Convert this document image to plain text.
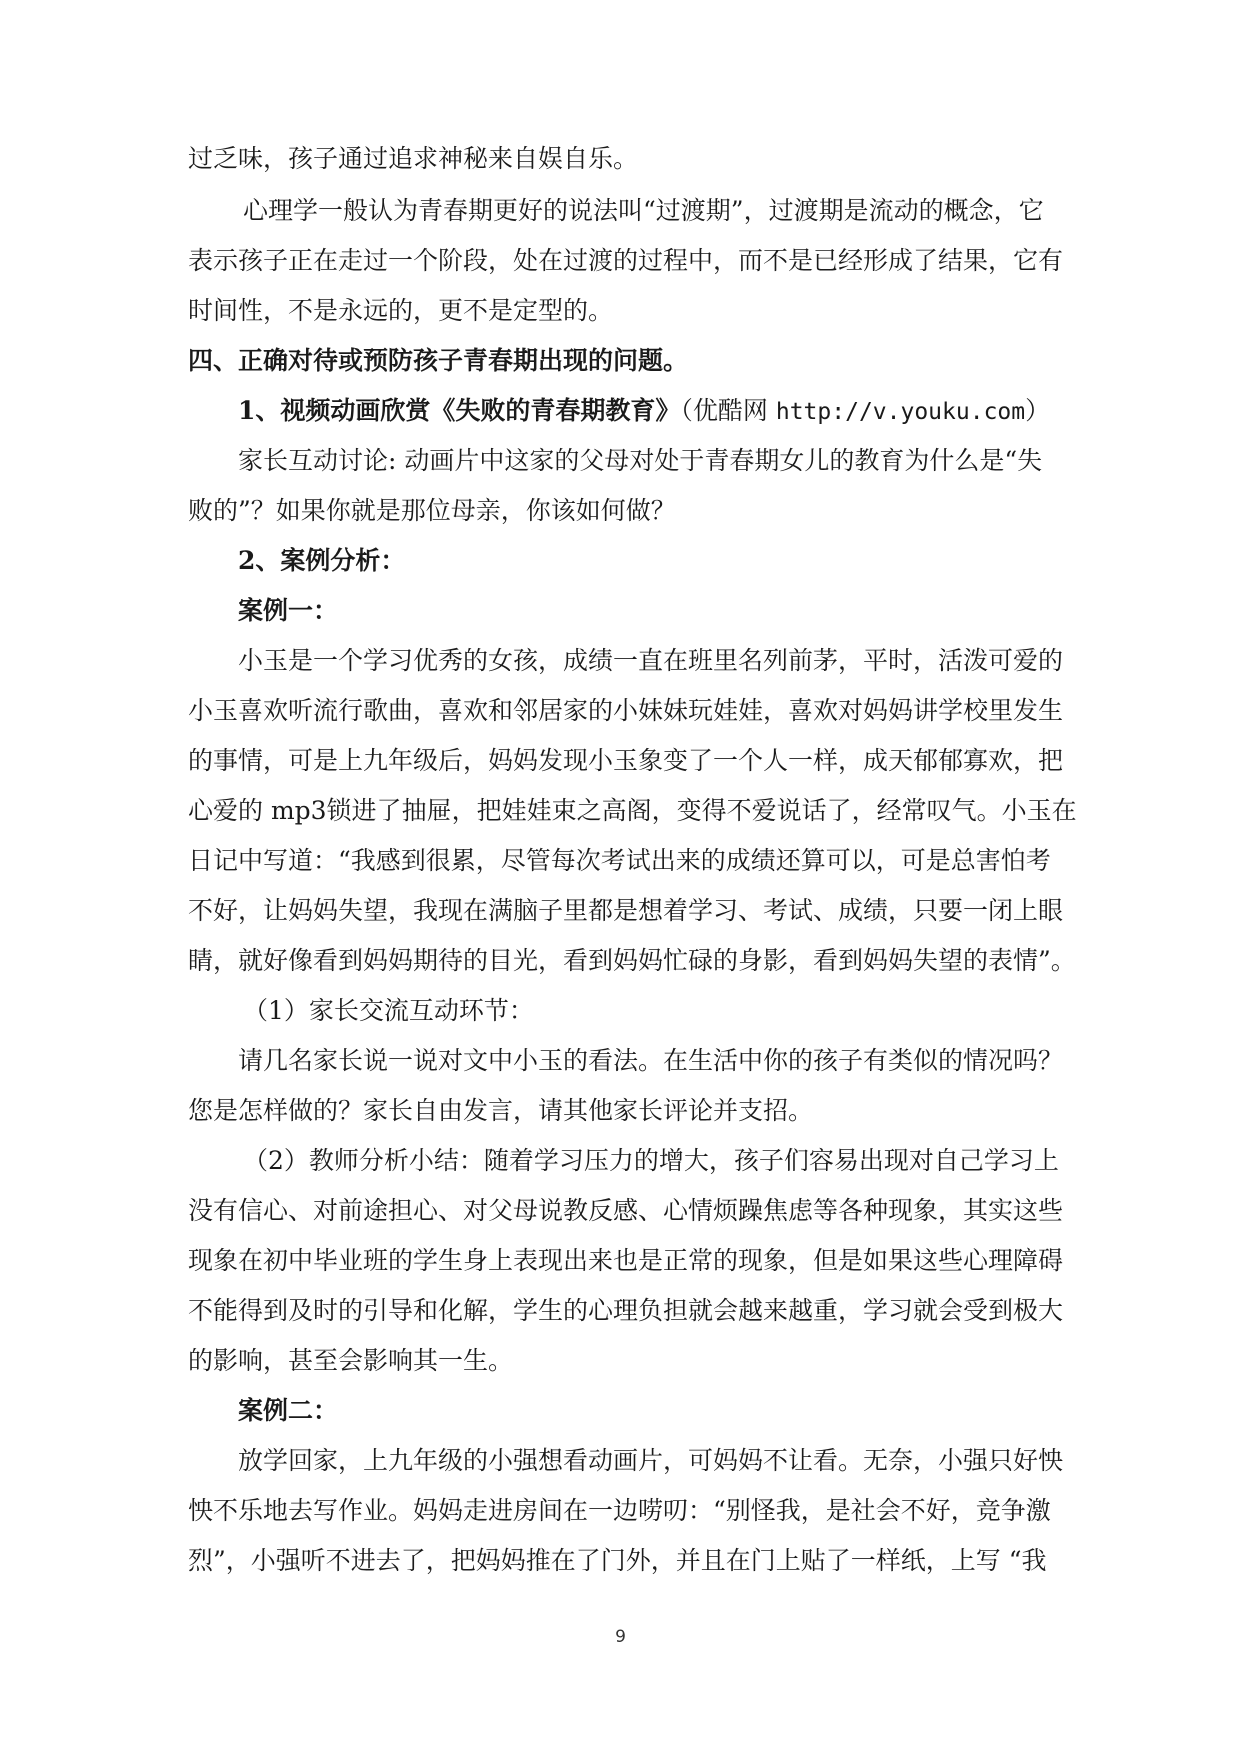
过乏味，孩子通过追求神秘来自娱自乐。
心理学一般认为青春期更好的说法叫“过渡期”，过渡期是流动的概念，它
表示孩子正在走过一个阶段，处在过渡的过程中，而不是已经形成了结果，它有
时间性，不是永远的，更不是定型的。
四、正确对待或预防孩子青春期出现的问题。
1、视频动画欣赏《失败的青春期教育》（优酷网 http://v.youku.com）
家长互动讨论: 动画片中这家的父母对处于青春期女儿的教育为什么是“失
败的”？如果你就是那位母亲，你该如何做？
2、案例分析：
案例一：
小玉是一个学习优秀的女孩，成绩一直在班里名列前茅，平时，活泼可爱的
小玉喜欢听流行歌曲，喜欢和邻居家的小妹妹玩娃娃，喜欢对妈妈讲学校里发生
的事情，可是上九年级后，妈妈发现小玉象变了一个人一样，成天郁郁寡欢，把
心爱的 mp3锁进了抽屉，把娃娃束之高阁，变得不爱说话了，经常叹气。小玉在
日记中写道：“我感到很累，尽管每次考试出来的成绩还算可以，可是总害怕考
不好，让妈妈失望，我现在满脑子里都是想着学习、考试、成绩，只要一闭上眼
睛，就好像看到妈妈期待的目光，看到妈妈忙碌的身影，看到妈妈失望的表情”。
（1）家长交流互动环节：
请几名家长说一说对文中小玉的看法。在生活中你的孩子有类似的情况吗？
您是怎样做的？家长自由发言，请其他家长评论并支招。
（2）教师分析小结：随着学习压力的增大，孩子们容易出现对自己学习上
没有信心、对前途担心、对父母说教反感、心情烦躁焦虑等各种现象，其实这些
现象在初中毕业班的学生身上表现出来也是正常的现象，但是如果这些心理障碍
不能得到及时的引导和化解，学生的心理负担就会越来越重，学习就会受到极大
的影响，甚至会影响其一生。
案例二：
放学回家，上九年级的小强想看动画片，可妈妈不让看。无奈，小强只好怏
怏不乐地去写作业。妈妈走进房间在一边唠叨：“别怪我，是社会不好，竞争激
烈”，小强听不进去了，把妈妈推在了门外，并且在门上贴了一样纸，上写 “我
9
